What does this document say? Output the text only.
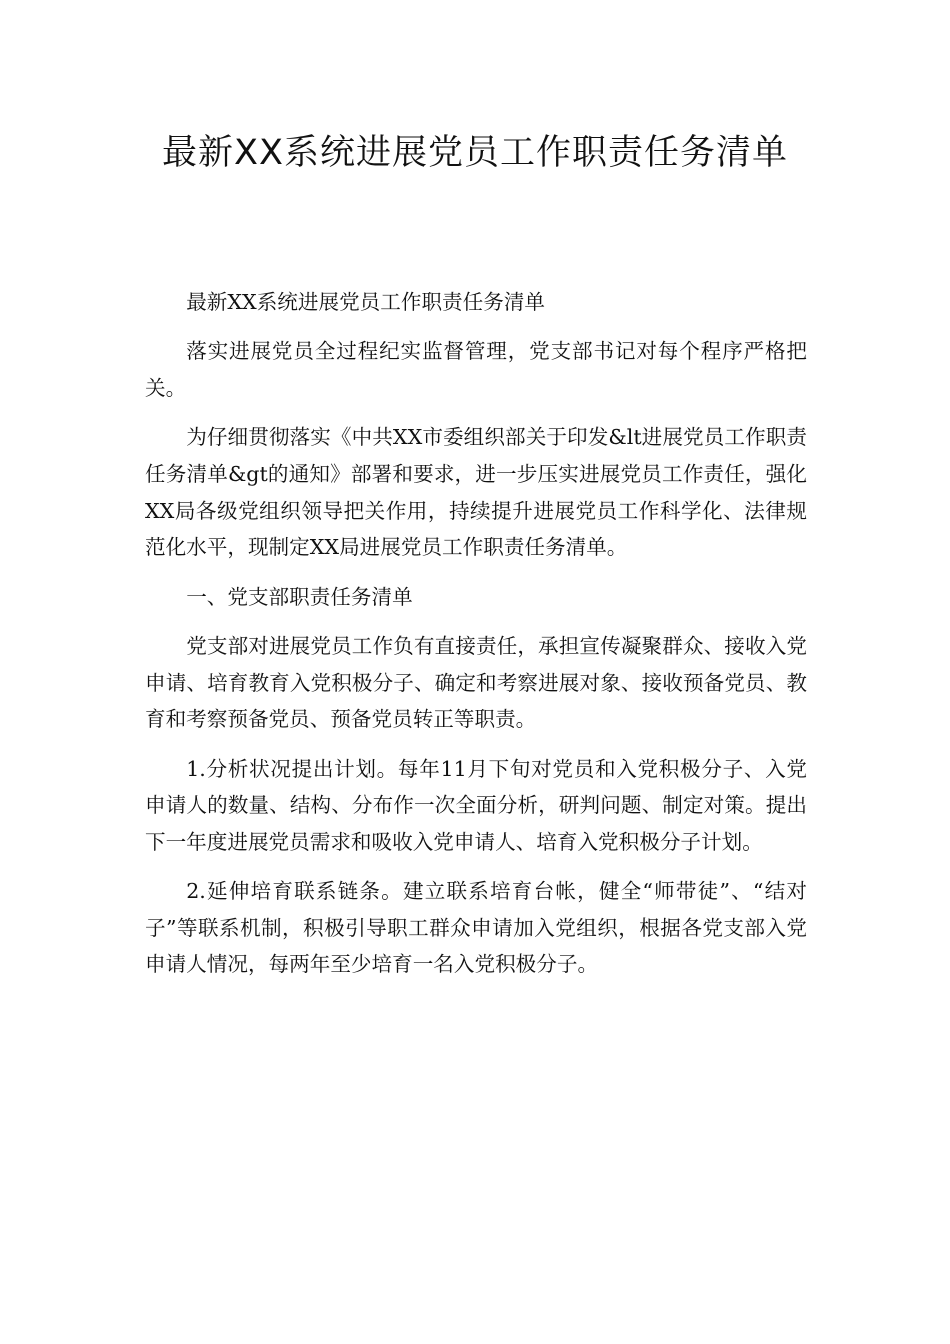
最新XX系统进展党员工作职责任务清单

最新XX系统进展党员工作职责任务清单

落实进展党员全过程纪实监督管理，党支部书记对每个程序严格把关。

为仔细贯彻落实《中共XX市委组织部关于印发&lt进展党员工作职责任务清单&gt的通知》部署和要求，进一步压实进展党员工作责任，强化XX局各级党组织领导把关作用，持续提升进展党员工作科学化、法律规范化水平，现制定XX局进展党员工作职责任务清单。

一、党支部职责任务清单

党支部对进展党员工作负有直接责任，承担宣传凝聚群众、接收入党申请、培育教育入党积极分子、确定和考察进展对象、接收预备党员、教育和考察预备党员、预备党员转正等职责。

1.分析状况提出计划。每年11月下旬对党员和入党积极分子、入党申请人的数量、结构、分布作一次全面分析，研判问题、制定对策。提出下一年度进展党员需求和吸收入党申请人、培育入党积极分子计划。

2.延伸培育联系链条。建立联系培育台帐，健全“师带徒”、“结对子”等联系机制，积极引导职工群众申请加入党组织，根据各党支部入党申请人情况，每两年至少培育一名入党积极分子。
